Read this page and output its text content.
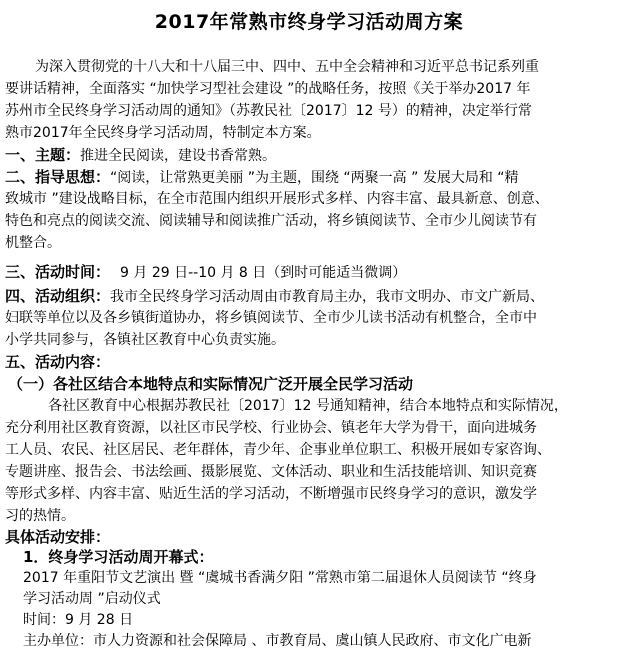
2017年常熟市终身学习活动周方案
为深入贯彻党的十八大和十八届三中、四中、五中全会精神和习近平总书记系列重
要讲话精神，全面落实 “加快学习型社会建设 ”的战略任务，按照《关于举办2017 年
苏州市全民终身学习活动周的通知》（苏教民社〔2017〕12 号）的精神，决定举行常
熟市2017年全民终身学习活动周，特制定本方案。
一、主题：推进全民阅读，建设书香常熟。
二、指导思想：“阅读，让常熟更美丽 ”为主题，围绕 “两聚一高 ” 发展大局和 “精
致城市 ”建设战略目标，在全市范围内组织开展形式多样、内容丰富、最具新意、创意、
特色和亮点的阅读交流、阅读辅导和阅读推广活动，将乡镇阅读节、全市少儿阅读节有
机整合。
三、活动时间： 9 月 29 日--10 月 8 日（到时可能适当微调）
四、活动组织：我市全民终身学习活动周由市教育局主办，我市文明办、市文广新局、
妇联等单位以及各乡镇街道协办，将乡镇阅读节、全市少儿读书活动有机整合，全市中
小学共同参与，各镇社区教育中心负责实施。
五、活动内容：
（一）各社区结合本地特点和实际情况广泛开展全民学习活动
各社区教育中心根据苏教民社〔2017〕12 号通知精神，结合本地特点和实际情况，
充分利用社区教育资源，以社区市民学校、行业协会、镇老年大学为骨干，面向进城务
工人员、农民、社区居民、老年群体，青少年、企事业单位职工、积极开展如专家咨询、
专题讲座、报告会、书法绘画、摄影展览、文体活动、职业和生活技能培训、知识竞赛
等形式多样、内容丰富、贴近生活的学习活动，不断增强市民终身学习的意识，激发学
习的热情。
具体活动安排：
1．终身学习活动周开幕式：
2017 年重阳节文艺演出 暨 “虞城书香满夕阳 ”常熟市第二届退休人员阅读节 “终身
学习活动周 ”启动仪式
时间：9 月 28 日
主办单位：市人力资源和社会保障局 、市教育局、虞山镇人民政府、市文化广电新
